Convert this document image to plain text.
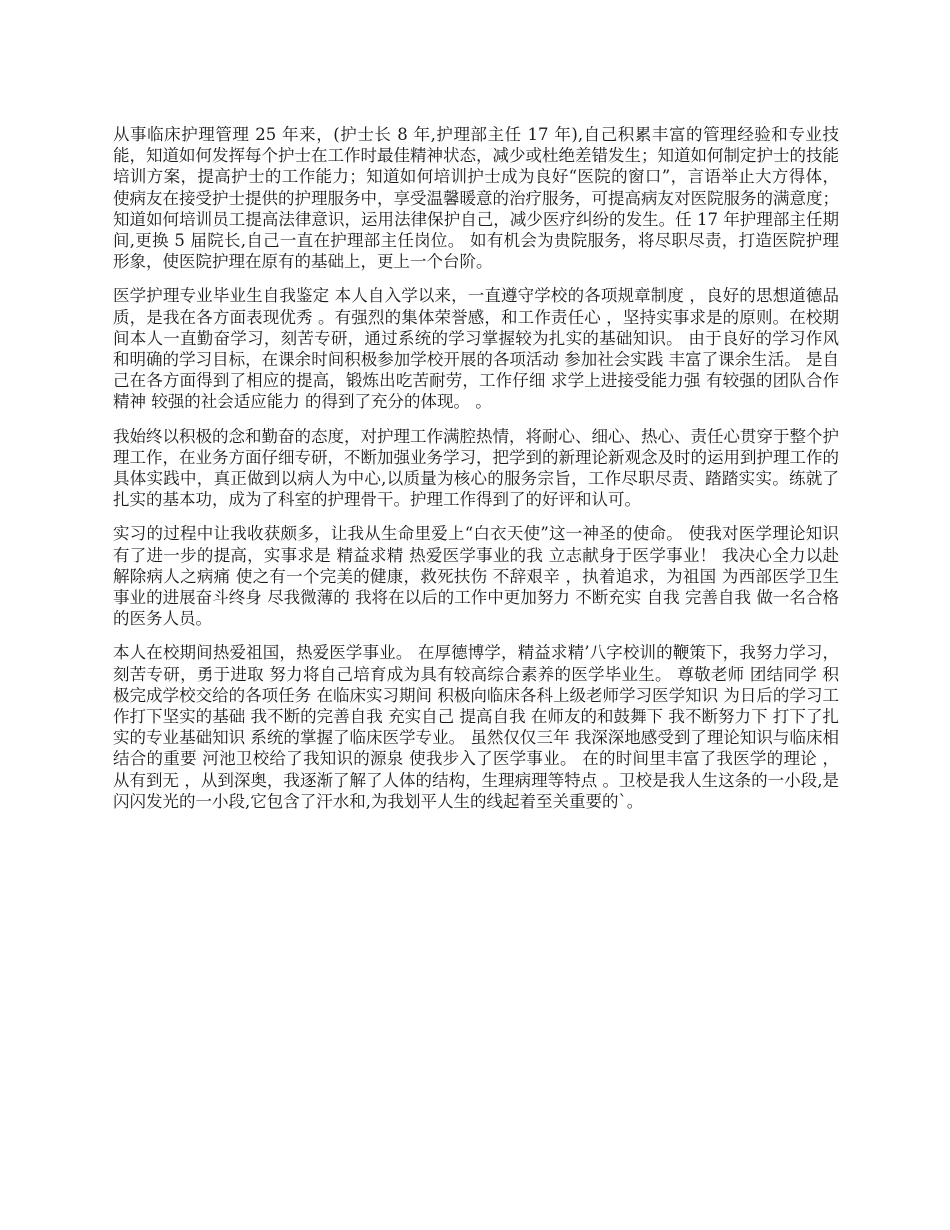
从事临床护理管理 25 年来，(护士长 8 年,护理部主任 17 年),自己积累丰富的管理经验和专业技能，知道如何发挥每个护士在工作时最佳精神状态，减少或杜绝差错发生；知道如何制定护士的技能培训方案，提高护士的工作能力；知道如何培训护士成为良好“医院的窗口”，言语举止大方得体，使病友在接受护士提供的护理服务中，享受温馨暖意的治疗服务，可提高病友对医院服务的满意度；知道如何培训员工提高法律意识，运用法律保护自己，减少医疗纠纷的发生。任 17 年护理部主任期间,更换 5 届院长,自己一直在护理部主任岗位。 如有机会为贵院服务，将尽职尽责，打造医院护理形象，使医院护理在原有的基础上，更上一个台阶。

医学护理专业毕业生自我鉴定 本人自入学以来，一直遵守学校的各项规章制度 ，良好的思想道德品质，是我在各方面表现优秀 。有强烈的集体荣誉感，和工作责任心 ，坚持实事求是的原则。在校期间本人一直勤奋学习，刻苦专研，通过系统的学习掌握较为扎实的基础知识。 由于良好的学习作风和明确的学习目标，在课余时间积极参加学校开展的各项活动 参加社会实践 丰富了课余生活。 是自己在各方面得到了相应的提高，锻炼出吃苦耐劳，工作仔细 求学上进接受能力强 有较强的团队合作精神 较强的社会适应能力 的得到了充分的体现。 。

我始终以积极的念和勤奋的态度，对护理工作满腔热情，将耐心、细心、热心、责任心贯穿于整个护理工作，在业务方面仔细专研，不断加强业务学习，把学到的新理论新观念及时的运用到护理工作的具体实践中，真正做到以病人为中心,以质量为核心的服务宗旨，工作尽职尽责、踏踏实实。练就了扎实的基本功，成为了科室的护理骨干。护理工作得到了的好评和认可。

实习的过程中让我收获颇多，让我从生命里爱上“白衣天使”这一神圣的使命。 使我对医学理论知识有了进一步的提高，实事求是 精益求精 热爱医学事业的我 立志献身于医学事业！ 我决心全力以赴解除病人之病痛 使之有一个完美的健康，救死扶伤 不辞艰辛 ，执着追求，为祖国 为西部医学卫生事业的进展奋斗终身 尽我微薄的 我将在以后的工作中更加努力 不断充实 自我 完善自我 做一名合格的医务人员。

本人在校期间热爱祖国，热爱医学事业。 在厚德博学，精益求精’八字校训的鞭策下，我努力学习，刻苦专研，勇于进取 努力将自己培育成为具有较高综合素养的医学毕业生。 尊敬老师 团结同学 积极完成学校交给的各项任务 在临床实习期间 积极向临床各科上级老师学习医学知识 为日后的学习工作打下坚实的基础 我不断的完善自我 充实自己 提高自我 在师友的和鼓舞下 我不断努力下 打下了扎实的专业基础知识 系统的掌握了临床医学专业。 虽然仅仅三年 我深深地感受到了理论知识与临床相结合的重要 河池卫校给了我知识的源泉 使我步入了医学事业。 在的时间里丰富了我医学的理论 ， 从有到无 ，从到深奥，我逐渐了解了人体的结构，生理病理等特点 。卫校是我人生这条的一小段,是闪闪发光的一小段,它包含了汗水和,为我划平人生的线起着至关重要的`。
